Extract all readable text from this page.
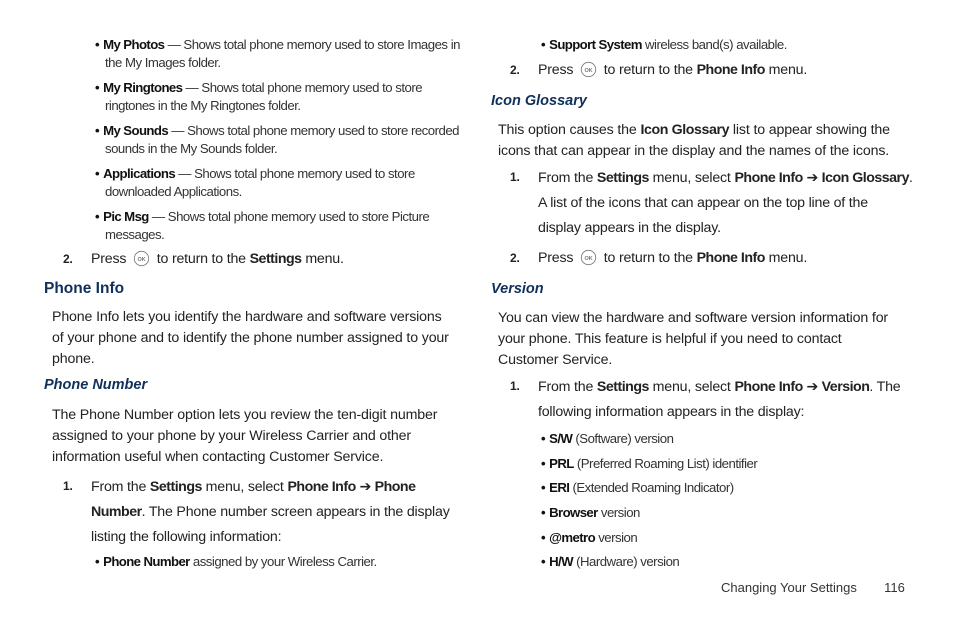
• My Photos — Shows total phone memory used to store Images in
the My Images folder.
• My Ringtones — Shows total phone memory used to store
ringtones in the My Ringtones folder.
• My Sounds — Shows total phone memory used to store recorded
sounds in the My Sounds folder.
• Applications — Shows total phone memory used to store
downloaded Applications.
• Pic Msg — Shows total phone memory used to store Picture
messages.
2. Press OK to return to the Settings menu.
Phone Info
Phone Info lets you identify the hardware and software versions
of your phone and to identify the phone number assigned to your
phone.
Phone Number
The Phone Number option lets you review the ten-digit number
assigned to your phone by your Wireless Carrier and other
information useful when contacting Customer Service.
1. From the Settings menu, select Phone Info ➔ Phone
Number. The Phone number screen appears in the display
listing the following information:
• Phone Number assigned by your Wireless Carrier.
• Support System wireless band(s) available.
2. Press OK to return to the Phone Info menu.
Icon Glossary
This option causes the Icon Glossary list to appear showing the
icons that can appear in the display and the names of the icons.
1. From the Settings menu, select Phone Info ➔ Icon Glossary.
A list of the icons that can appear on the top line of the
display appears in the display.
2. Press OK to return to the Phone Info menu.
Version
You can view the hardware and software version information for
your phone. This feature is helpful if you need to contact
Customer Service.
1. From the Settings menu, select Phone Info ➔ Version. The
following information appears in the display:
• S/W (Software) version
• PRL (Preferred Roaming List) identifier
• ERI (Extended Roaming Indicator)
• Browser version
• @metro version
• H/W (Hardware) version
Changing Your Settings 116
